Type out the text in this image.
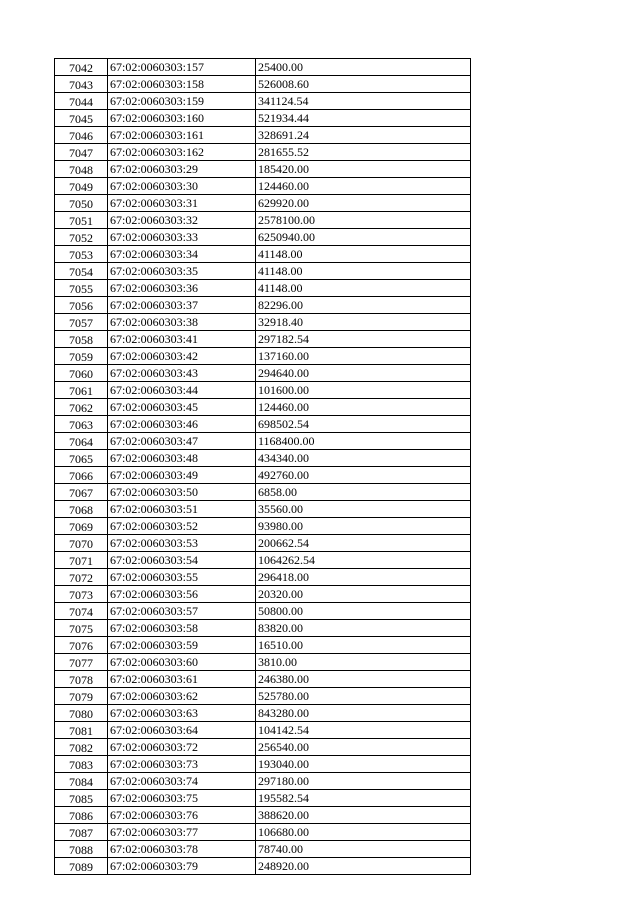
7042	67:02:0060303:157	25400.00
7043	67:02:0060303:158	526008.60
7044	67:02:0060303:159	341124.54
7045	67:02:0060303:160	521934.44
7046	67:02:0060303:161	328691.24
7047	67:02:0060303:162	281655.52
7048	67:02:0060303:29	185420.00
7049	67:02:0060303:30	124460.00
7050	67:02:0060303:31	629920.00
7051	67:02:0060303:32	2578100.00
7052	67:02:0060303:33	6250940.00
7053	67:02:0060303:34	41148.00
7054	67:02:0060303:35	41148.00
7055	67:02:0060303:36	41148.00
7056	67:02:0060303:37	82296.00
7057	67:02:0060303:38	32918.40
7058	67:02:0060303:41	297182.54
7059	67:02:0060303:42	137160.00
7060	67:02:0060303:43	294640.00
7061	67:02:0060303:44	101600.00
7062	67:02:0060303:45	124460.00
7063	67:02:0060303:46	698502.54
7064	67:02:0060303:47	1168400.00
7065	67:02:0060303:48	434340.00
7066	67:02:0060303:49	492760.00
7067	67:02:0060303:50	6858.00
7068	67:02:0060303:51	35560.00
7069	67:02:0060303:52	93980.00
7070	67:02:0060303:53	200662.54
7071	67:02:0060303:54	1064262.54
7072	67:02:0060303:55	296418.00
7073	67:02:0060303:56	20320.00
7074	67:02:0060303:57	50800.00
7075	67:02:0060303:58	83820.00
7076	67:02:0060303:59	16510.00
7077	67:02:0060303:60	3810.00
7078	67:02:0060303:61	246380.00
7079	67:02:0060303:62	525780.00
7080	67:02:0060303:63	843280.00
7081	67:02:0060303:64	104142.54
7082	67:02:0060303:72	256540.00
7083	67:02:0060303:73	193040.00
7084	67:02:0060303:74	297180.00
7085	67:02:0060303:75	195582.54
7086	67:02:0060303:76	388620.00
7087	67:02:0060303:77	106680.00
7088	67:02:0060303:78	78740.00
7089	67:02:0060303:79	248920.00
